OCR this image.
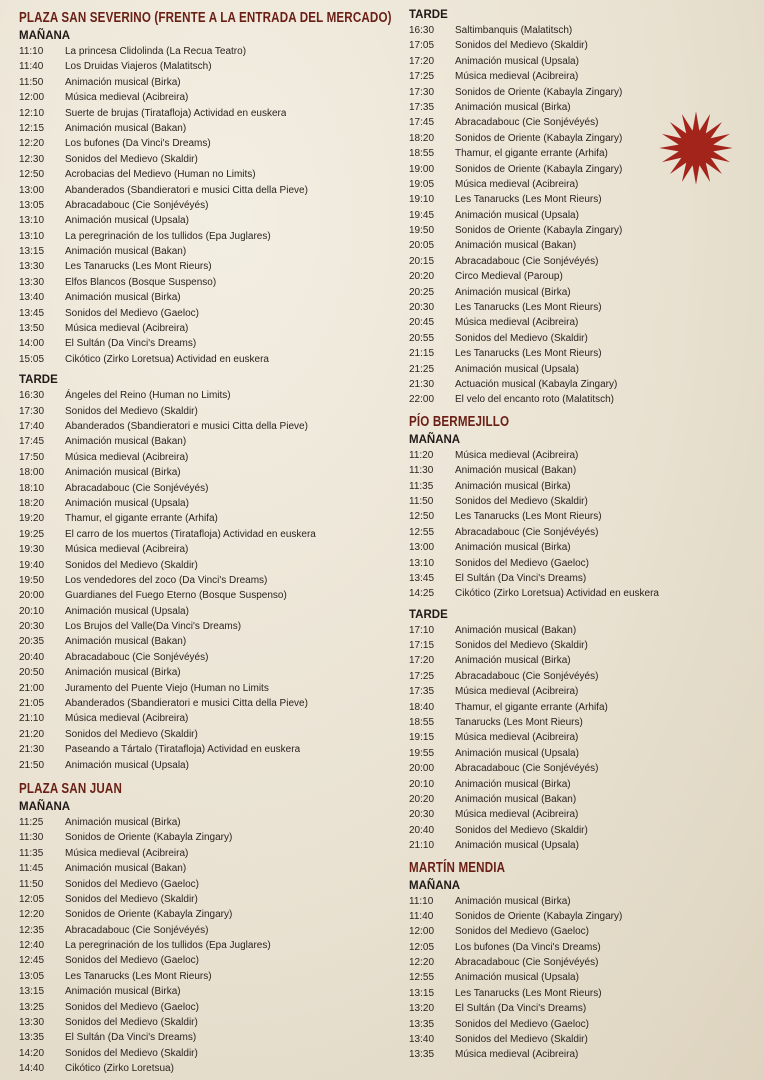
PLAZA SAN SEVERINO (FRENTE A LA ENTRADA DEL MERCADO)
MAÑANA
11:10	La princesa Clidolinda (La Recua Teatro)
11:40	Los Druidas Viajeros (Malatitsch)
11:50	Animación musical (Birka)
12:00	Música medieval (Acibreira)
12:10	Suerte de brujas (Tiratafloja) Actividad en euskera
12:15	Animación musical (Bakan)
12:20	Los bufones (Da Vinci's Dreams)
12:30	Sonidos del Medievo (Skaldir)
12:50	Acrobacias del Medievo (Human no Limits)
13:00	Abanderados (Sbandieratori e musici Citta della Pieve)
13:05	Abracadabouc (Cie Sonjévéyés)
13:10	Animación musical (Upsala)
13:10	La peregrinación de los tullidos (Epa Juglares)
13:15	Animación musical (Bakan)
13:30	Les Tanarucks (Les Mont Rieurs)
13:30	Elfos Blancos (Bosque Suspenso)
13:40	Animación musical (Birka)
13:45	Sonidos del Medievo (Gaeloc)
13:50	Música medieval (Acibreira)
14:00	El Sultán (Da Vinci's Dreams)
15:05	Cikótico (Zirko Loretsua) Actividad en euskera
TARDE
16:30	Ángeles del Reino (Human no Limits)
17:30	Sonidos del Medievo (Skaldir)
17:40	Abanderados (Sbandieratori e musici Citta della Pieve)
17:45	Animación musical (Bakan)
17:50	Música medieval (Acibreira)
18:00	Animación musical (Birka)
18:10	Abracadabouc (Cie Sonjévéyés)
18:20	Animación musical (Upsala)
19:20	Thamur, el gigante errante (Arhifa)
19:25	El carro de los muertos (Tiratafloja) Actividad en euskera
19:30	Música medieval (Acibreira)
19:40	Sonidos del Medievo (Skaldir)
19:50	Los vendedores del zoco (Da Vinci's Dreams)
20:00	Guardianes del Fuego Eterno (Bosque Suspenso)
20:10	Animación musical (Upsala)
20:30	Los Brujos del Valle(Da Vinci's Dreams)
20:35	Animación musical (Bakan)
20:40	Abracadabouc (Cie Sonjévéyés)
20:50	Animación musical (Birka)
21:00	Juramento del Puente Viejo (Human no Limits
21:05	Abanderados (Sbandieratori e musici Citta della Pieve)
21:10	Música medieval (Acibreira)
21:20	Sonidos del Medievo (Skaldir)
21:30	Paseando a Tártalo (Tiratafloja) Actividad en euskera
21:50	Animación musical (Upsala)
PLAZA SAN JUAN
MAÑANA
11:25	Animación musical (Birka)
11:30	Sonidos de Oriente (Kabayla Zingary)
11:35	Música medieval (Acibreira)
11:45	Animación musical (Bakan)
11:50	Sonidos del Medievo (Gaeloc)
12:05	Sonidos del Medievo (Skaldir)
12:20	Sonidos de Oriente (Kabayla Zingary)
12:35	Abracadabouc (Cie Sonjévéyés)
12:40	La peregrinación de los tullidos (Epa Juglares)
12:45	Sonidos del Medievo (Gaeloc)
13:05	Les Tanarucks (Les Mont Rieurs)
13:15	Animación musical (Birka)
13:25	Sonidos del Medievo (Gaeloc)
13:30	Sonidos del Medievo (Skaldir)
13:35	El Sultán (Da Vinci's Dreams)
14:20	Sonidos del Medievo (Skaldir)
14:40	Cikótico (Zirko Loretsua)
TARDE
16:30	Saltimbanquis (Malatitsch)
17:05	Sonidos del Medievo (Skaldir)
17:20	Animación musical (Upsala)
17:25	Música medieval (Acibreira)
17:30	Sonidos de Oriente (Kabayla Zingary)
17:35	Animación musical (Birka)
17:45	Abracadabouc (Cie Sonjévéyés)
18:20	Sonidos de Oriente (Kabayla Zingary)
18:55	Thamur, el gigante errante (Arhifa)
19:00	Sonidos de Oriente (Kabayla Zingary)
19:05	Música medieval (Acibreira)
19:10	Les Tanarucks (Les Mont Rieurs)
19:45	Animación musical (Upsala)
19:50	Sonidos de Oriente (Kabayla Zingary)
20:05	Animación musical (Bakan)
20:15	Abracadabouc (Cie Sonjévéyés)
20:20	Circo Medieval (Paroup)
20:25	Animación musical (Birka)
20:30	Les Tanarucks (Les Mont Rieurs)
20:45	Música medieval (Acibreira)
20:55	Sonidos del Medievo (Skaldir)
21:15	Les Tanarucks (Les Mont Rieurs)
21:25	Animación musical (Upsala)
21:30	Actuación musical (Kabayla Zingary)
22:00	El velo del encanto roto (Malatitsch)
PÍO BERMEJILLO
MAÑANA
11:20	Música medieval (Acibreira)
11:30	Animación musical (Bakan)
11:35	Animación musical (Birka)
11:50	Sonidos del Medievo (Skaldir)
12:50	Les Tanarucks (Les Mont Rieurs)
12:55	Abracadabouc (Cie Sonjévéyés)
13:00	Animación musical (Birka)
13:10	Sonidos del Medievo (Gaeloc)
13:45	El Sultán (Da Vinci's Dreams)
14:25	Cikótico (Zirko Loretsua) Actividad en euskera
TARDE
17:10	Animación musical (Bakan)
17:15	Sonidos del Medievo (Skaldir)
17:20	Animación musical (Birka)
17:25	Abracadabouc (Cie Sonjévéyés)
17:35	Música medieval (Acibreira)
18:40	Thamur, el gigante errante (Arhifa)
18:55	Tanarucks (Les Mont Rieurs)
19:15	Música medieval (Acibreira)
19:55	Animación musical (Upsala)
20:00	Abracadabouc (Cie Sonjévéyés)
20:10	Animación musical (Birka)
20:20	Animación musical (Bakan)
20:30	Música medieval (Acibreira)
20:40	Sonidos del Medievo (Skaldir)
21:10	Animación musical (Upsala)
MARTÍN MENDIA
MAÑANA
11:10	Animación musical (Birka)
11:40	Sonidos de Oriente (Kabayla Zingary)
12:00	Sonidos del Medievo (Gaeloc)
12:05	Los bufones (Da Vinci's Dreams)
12:20	Abracadabouc (Cie Sonjévéyés)
12:55	Animación musical (Upsala)
13:15	Les Tanarucks (Les Mont Rieurs)
13:20	El Sultán (Da Vinci's Dreams)
13:35	Sonidos del Medievo (Gaeloc)
13:40	Sonidos del Medievo (Skaldir)
13:35	Música medieval (Acibreira)
